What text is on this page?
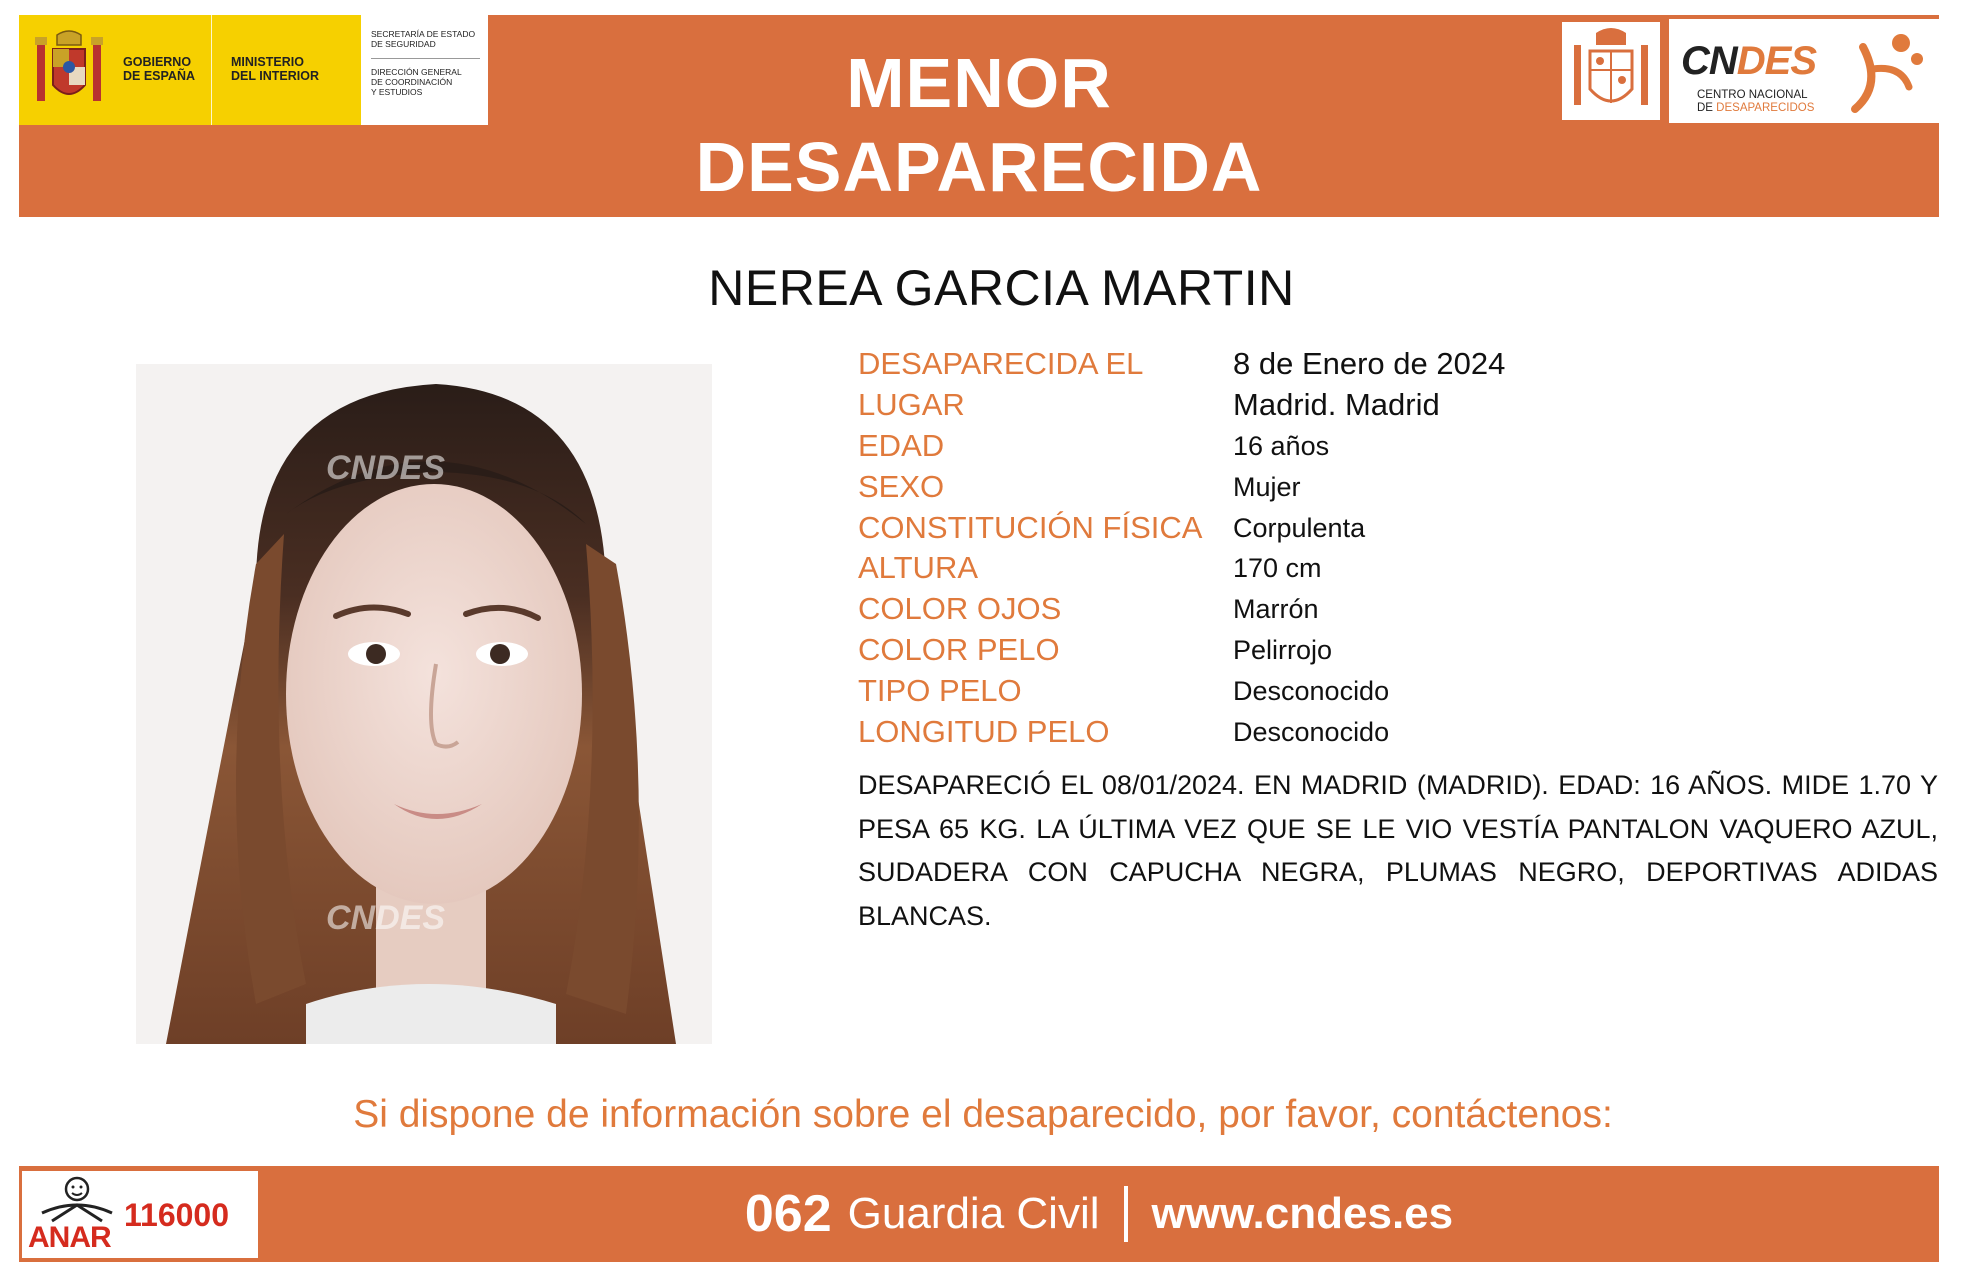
GOBIERNO
DE ESPAÑA
MINISTERIO
DEL INTERIOR
SECRETARÍA DE ESTADO
DE SEGURIDAD
DIRECCIÓN GENERAL
DE COORDINACIÓN
Y ESTUDIOS	MENOR
DESAPARECIDA
CNDES
CENTRO NACIONAL
DE DESAPARECIDOS
NEREA GARCIA MARTIN
CNDES
CNDES
DESAPARECIDA EL	8 de Enero de 2024
LUGAR	Madrid. Madrid
EDAD	16 años
SEXO	Mujer
CONSTITUCIÓN FÍSICA	Corpulenta
ALTURA	170 cm
COLOR OJOS	Marrón
COLOR PELO	Pelirrojo
TIPO PELO	Desconocido
LONGITUD PELO	Desconocido
DESAPARECIÓ EL 08/01/2024. EN MADRID (MADRID). EDAD: 16 AÑOS. MIDE 1.70 Y PESA 65 KG. LA ÚLTIMA VEZ QUE SE LE VIO VESTÍA PANTALON VAQUERO AZUL, SUDADERA CON CAPUCHA NEGRA, PLUMAS NEGRO, DEPORTIVAS ADIDAS BLANCAS.
Si dispone de información sobre el desaparecido, por favor, contáctenos:
116000
ANAR	062 Guardia Civil www.cndes.es
